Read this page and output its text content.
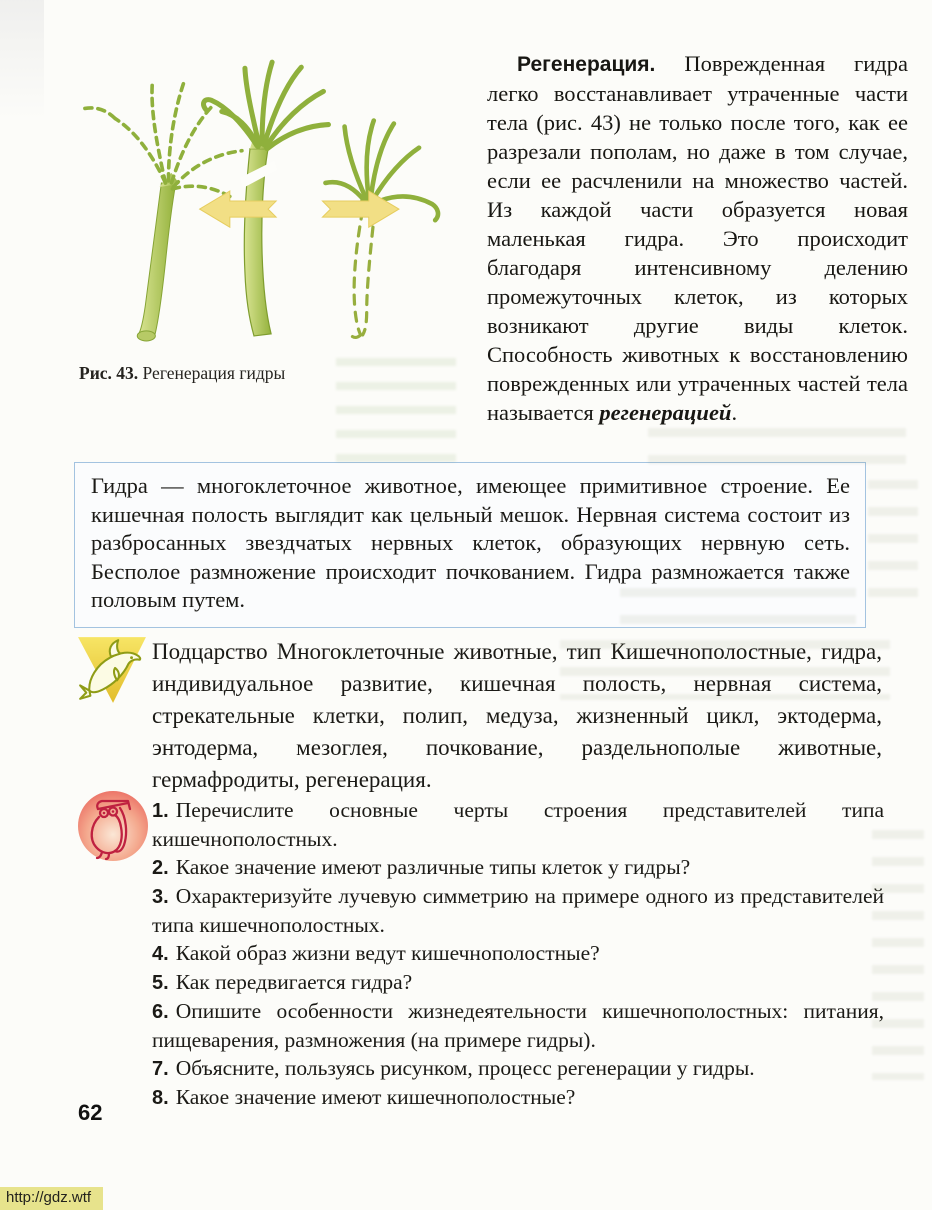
Рис. 43. Регенерация гидры

Регенерация. Поврежденная гидра легко восстанавливает утраченные части тела (рис. 43) не только после того, как ее разрезали пополам, но даже в том случае, если ее расчленили на множество частей. Из каждой части образуется новая маленькая гидра. Это происходит благодаря интенсивному делению промежуточных клеток, из которых возникают другие виды клеток. Способность животных к восстановлению поврежденных или утраченных частей тела называется регенерацией.

Гидра — многоклеточное животное, имеющее примитивное строение. Ее кишечная полость выглядит как цельный мешок. Нервная система состоит из разбросанных звездчатых нервных клеток, образующих нервную сеть. Бесполое размножение происходит почкованием. Гидра размножается также половым путем.
Подцарство Многоклеточные животные, тип Кишечнополостные, гидра, индивидуальное развитие, кишечная полость, нервная система, стрекательные клетки, полип, медуза, жизненный цикл, эктодерма, энтодерма, мезоглея, почкование, раздельнополые животные, гермафродиты, регенерация.
1. Перечислите основные черты строения представителей типа кишечнополостных.
2. Какое значение имеют различные типы клеток у гидры?
3. Охарактеризуйте лучевую симметрию на примере одного из представителей типа кишечнополостных.
4. Какой образ жизни ведут кишечнополостные?
5. Как передвигается гидра?
6. Опишите особенности жизнедеятельности кишечнополостных: питания, пищеварения, размножения (на примере гидры).
7. Объясните, пользуясь рисунком, процесс регенерации у гидры.
8. Какое значение имеют кишечнополостные?
62
http://gdz.wtf
